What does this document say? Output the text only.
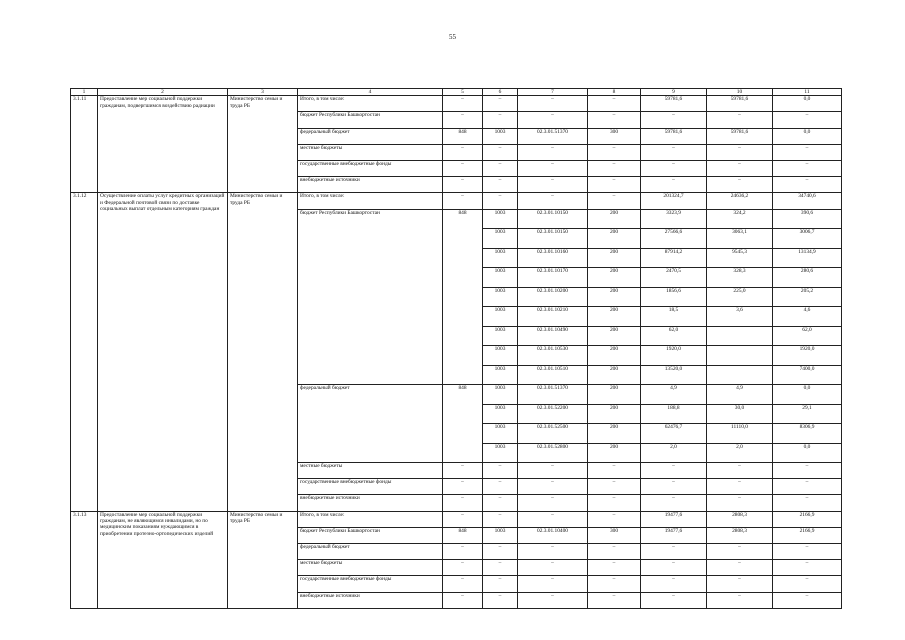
55
1	2	3	4	5	6	7	8	9	10	11
3.1.11	Предоставление мер социальной поддержки гражданам, подвергшимся воздействию радиации	Министерство семьи и труда РБ	Итого, в том числе:	–	–	–	–	59781,6	59781,6	0,0
			бюджет Республики Башкортостан	–	–	–	–	–	–	–
			федеральный бюджет	848	1003	02.3.01.51370	300	59781,6	59781,6	0,0
			местные бюджеты	–	–	–	–	–	–	–
			государственные внебюджетные фонды	–	–	–	–	–	–	–
			внебюджетные источники	–	–	–	–	–	–	–
3.1.12	Осуществление оплаты услуг кредитных организаций и Федеральной почтовой связи по доставке социальных выплат отдельным категориям граждан	Министерство семьи и труда РБ	Итого, в том числе:	–	–	–	–	201324,7	24636,2	34740,6
			бюджет Республики Башкортостан	848	1003	02.3.01.10150	200	3323,9	324,2	390,6
					1003	02.3.01.10150	200	27566,6	3063,1	3006,7
					1003	02.3.01.10160	200	87914,2	9545,3	13134,9
					1003	02.3.01.10170	200	2470,5	328,3	280,6
					1003	02.3.01.10200	200	1856,6	225,0	205,2
					1003	02.3.01.10210	200	18,5	3,6	4,6
					1003	02.3.01.10490	200	62,0		62,0
					1003	02.3.01.10530	200	1920,0		1920,0
					1003	02.3.01.10510	200	13520,0		7400,0
			федеральный бюджет	848	1003	02.3.01.51370	200	4,9	4,9	0,0
					1003	02.3.01.52200	200	188,8	30,0	29,1
					1003	02.3.01.52500	200	62476,7	11110,0	8306,9
					1003	02.3.01.52800	200	2,0	2,0	0,0
			местные бюджеты	–	–	–	–	–	–	–
			государственные внебюджетные фонды	–	–	–	–	–	–	–
			внебюджетные источники	–	–	–	–	–	–	–
3.1.13	Предоставление мер социальной поддержки гражданам, не являющимся инвалидами, но по медицинским показаниям нуждающимся в приобретении протезно-ортопедических изделий	Министерство семьи и труда РБ	Итого, в том числе:	–	–	–	–	19477,6	2808,3	2166,9
			бюджет Республики Башкортостан	848	1003	02.3.01.10400	300	19477,6	2808,3	2166,9
			федеральный бюджет	–	–	–	–	–	–	–
			местные бюджеты	–	–	–	–	–	–	–
			государственные внебюджетные фонды	–	–	–	–	–	–	–
			внебюджетные источники	–	–	–	–	–	–	–
